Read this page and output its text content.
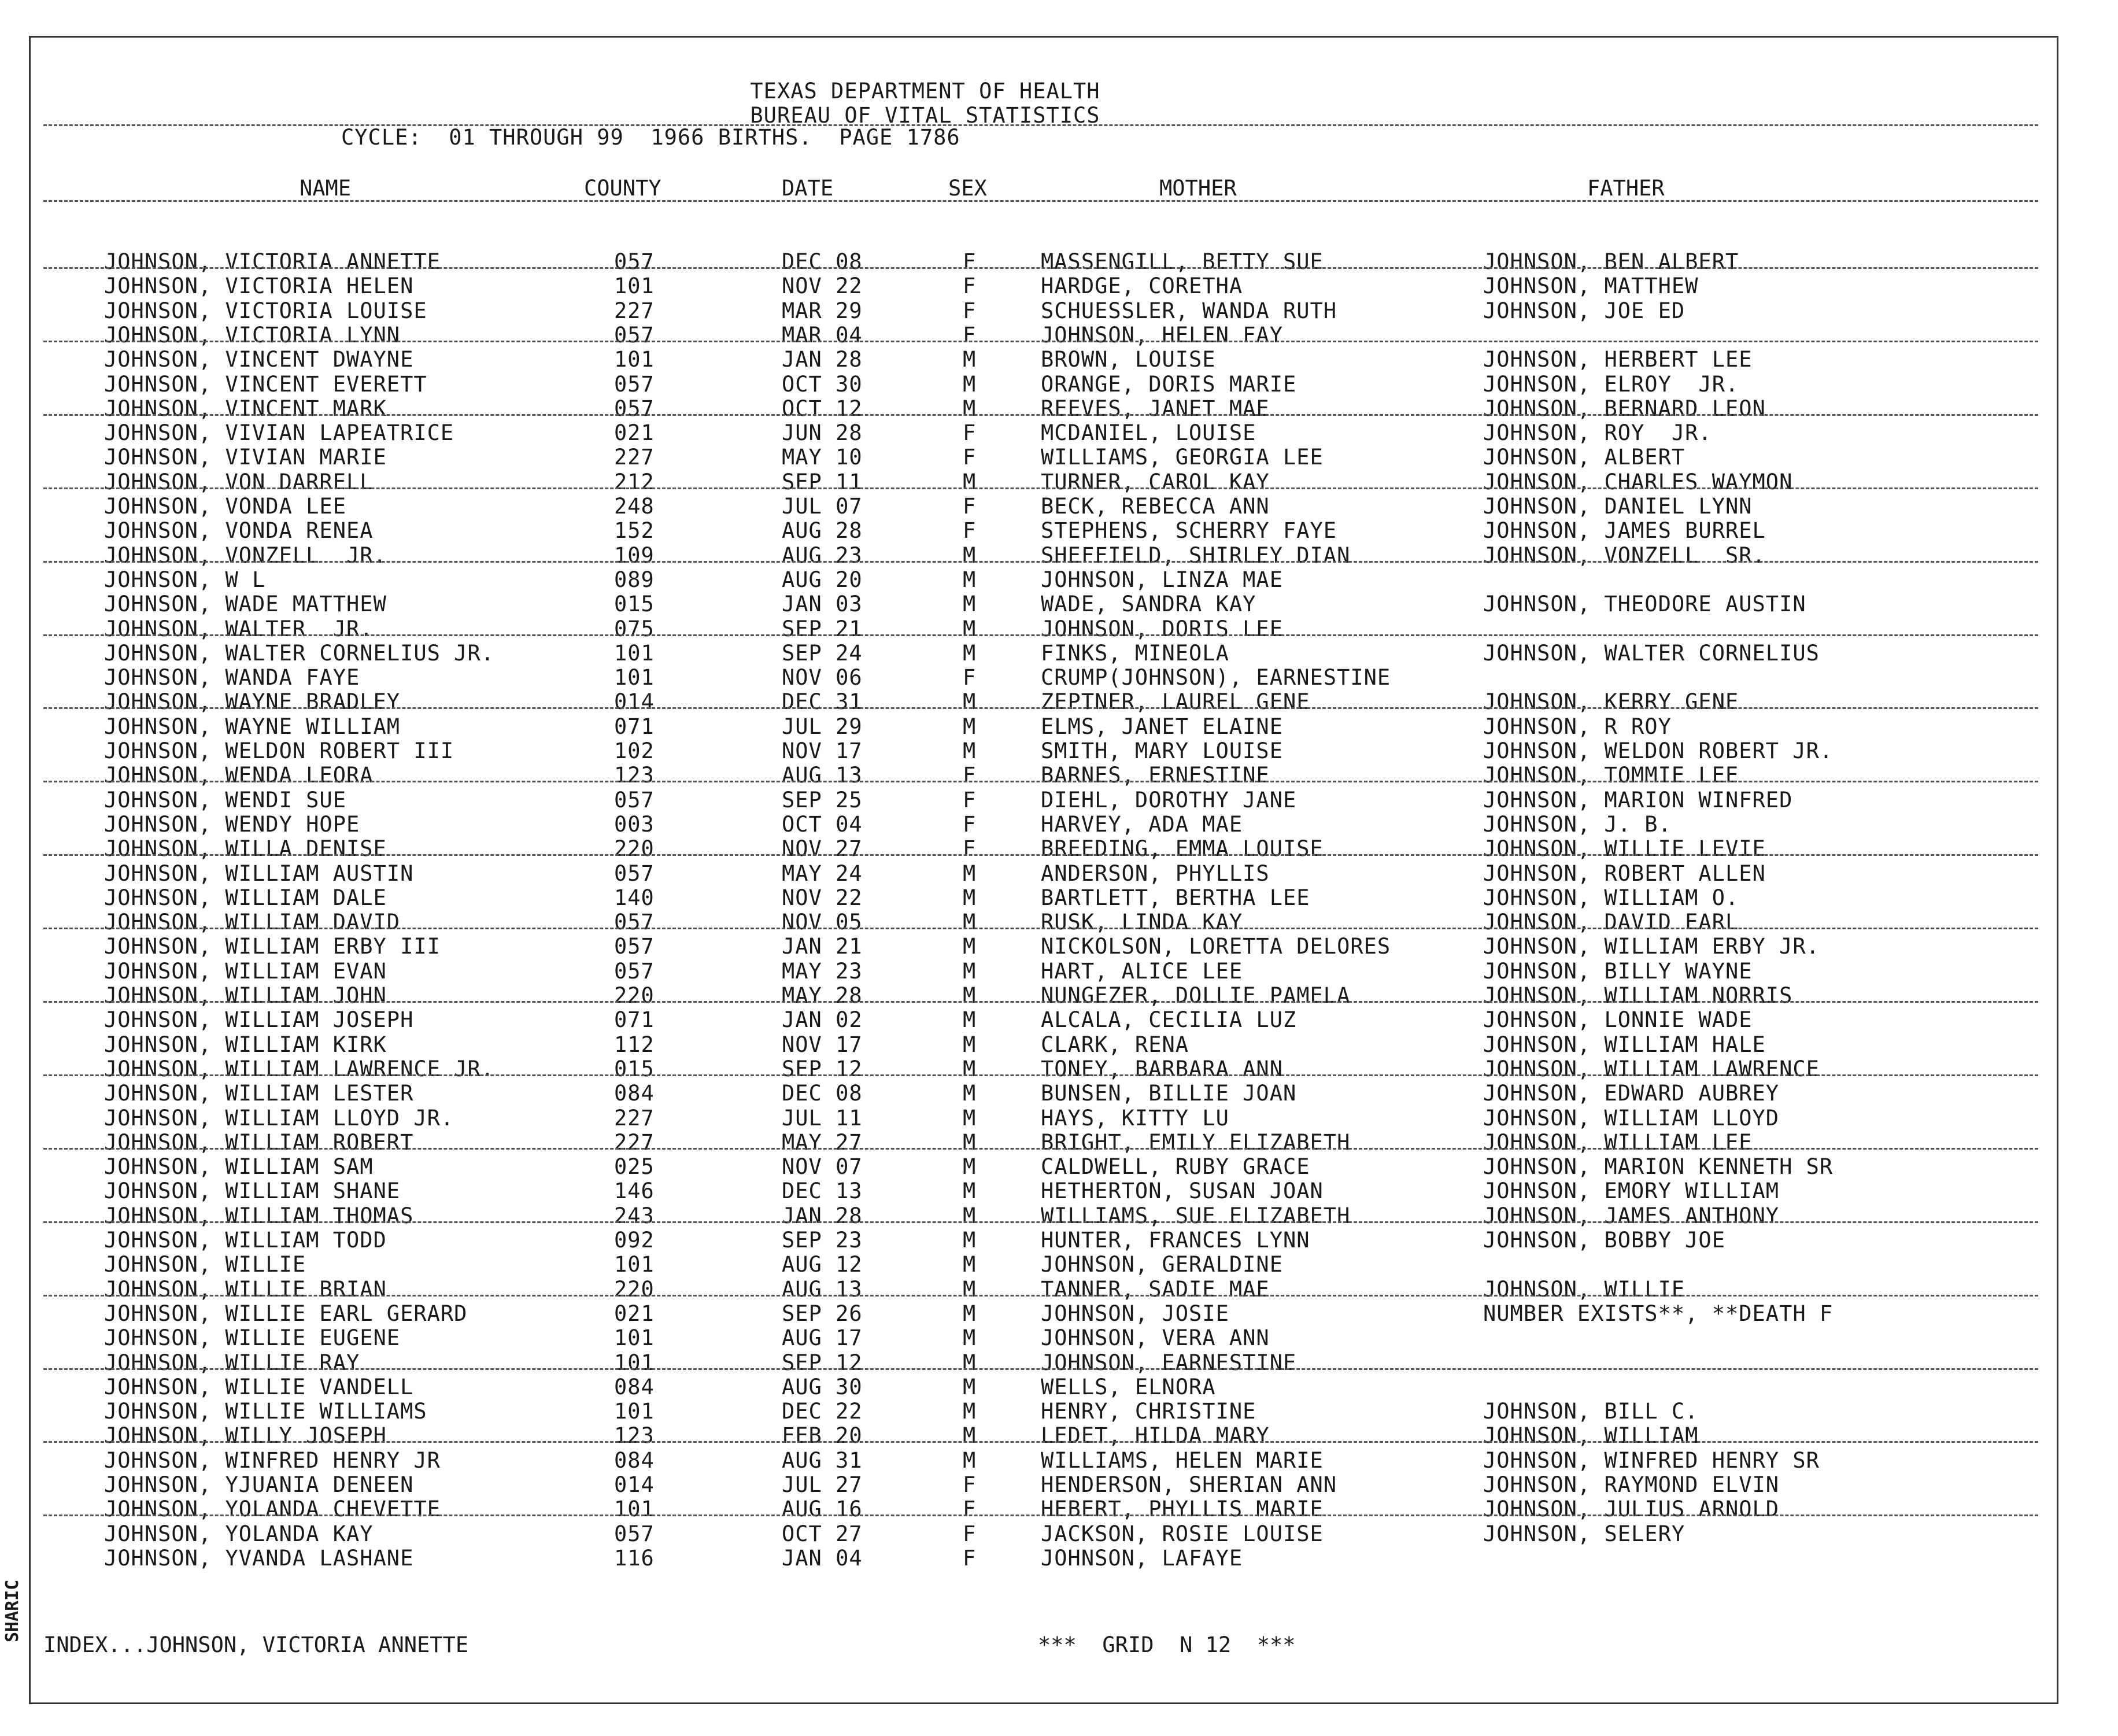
TEXAS DEPARTMENT OF HEALTH
BUREAU OF VITAL STATISTICS
CYCLE:  01 THROUGH 99  1966 BIRTHS.  PAGE 1786
NAME	COUNTY	DATE	SEX	MOTHER	FATHER
JOHNSON, VICTORIA ANNETTE	057	DEC 08	F	MASSENGILL, BETTY SUE	JOHNSON, BEN ALBERT
JOHNSON, VICTORIA HELEN	101	NOV 22	F	HARDGE, CORETHA	JOHNSON, MATTHEW
JOHNSON, VICTORIA LOUISE	227	MAR 29	F	SCHUESSLER, WANDA RUTH	JOHNSON, JOE ED
JOHNSON, VICTORIA LYNN	057	MAR 04	F	JOHNSON, HELEN FAY
JOHNSON, VINCENT DWAYNE	101	JAN 28	M	BROWN, LOUISE	JOHNSON, HERBERT LEE
JOHNSON, VINCENT EVERETT	057	OCT 30	M	ORANGE, DORIS MARIE	JOHNSON, ELROY  JR.
JOHNSON, VINCENT MARK	057	OCT 12	M	REEVES, JANET MAE	JOHNSON, BERNARD LEON
JOHNSON, VIVIAN LAPEATRICE	021	JUN 28	F	MCDANIEL, LOUISE	JOHNSON, ROY  JR.
JOHNSON, VIVIAN MARIE	227	MAY 10	F	WILLIAMS, GEORGIA LEE	JOHNSON, ALBERT
JOHNSON, VON DARRELL	212	SEP 11	M	TURNER, CAROL KAY	JOHNSON, CHARLES WAYMON
JOHNSON, VONDA LEE	248	JUL 07	F	BECK, REBECCA ANN	JOHNSON, DANIEL LYNN
JOHNSON, VONDA RENEA	152	AUG 28	F	STEPHENS, SCHERRY FAYE	JOHNSON, JAMES BURREL
JOHNSON, VONZELL  JR.	109	AUG 23	M	SHEFFIELD, SHIRLEY DIAN	JOHNSON, VONZELL  SR.
JOHNSON, W L	089	AUG 20	M	JOHNSON, LINZA MAE
JOHNSON, WADE MATTHEW	015	JAN 03	M	WADE, SANDRA KAY	JOHNSON, THEODORE AUSTIN
JOHNSON, WALTER  JR.	075	SEP 21	M	JOHNSON, DORIS LEE
JOHNSON, WALTER CORNELIUS JR.	101	SEP 24	M	FINKS, MINEOLA	JOHNSON, WALTER CORNELIUS
JOHNSON, WANDA FAYE	101	NOV 06	F	CRUMP(JOHNSON), EARNESTINE
JOHNSON, WAYNE BRADLEY	014	DEC 31	M	ZEPTNER, LAUREL GENE	JOHNSON, KERRY GENE
JOHNSON, WAYNE WILLIAM	071	JUL 29	M	ELMS, JANET ELAINE	JOHNSON, R ROY
JOHNSON, WELDON ROBERT III	102	NOV 17	M	SMITH, MARY LOUISE	JOHNSON, WELDON ROBERT JR.
JOHNSON, WENDA LEORA	123	AUG 13	F	BARNES, ERNESTINE	JOHNSON, TOMMIE LEE
JOHNSON, WENDI SUE	057	SEP 25	F	DIEHL, DOROTHY JANE	JOHNSON, MARION WINFRED
JOHNSON, WENDY HOPE	003	OCT 04	F	HARVEY, ADA MAE	JOHNSON, J. B.
JOHNSON, WILLA DENISE	220	NOV 27	F	BREEDING, EMMA LOUISE	JOHNSON, WILLIE LEVIE
JOHNSON, WILLIAM AUSTIN	057	MAY 24	M	ANDERSON, PHYLLIS	JOHNSON, ROBERT ALLEN
JOHNSON, WILLIAM DALE	140	NOV 22	M	BARTLETT, BERTHA LEE	JOHNSON, WILLIAM O.
JOHNSON, WILLIAM DAVID	057	NOV 05	M	RUSK, LINDA KAY	JOHNSON, DAVID EARL
JOHNSON, WILLIAM ERBY III	057	JAN 21	M	NICKOLSON, LORETTA DELORES	JOHNSON, WILLIAM ERBY JR.
JOHNSON, WILLIAM EVAN	057	MAY 23	M	HART, ALICE LEE	JOHNSON, BILLY WAYNE
JOHNSON, WILLIAM JOHN	220	MAY 28	M	NUNGEZER, DOLLIE PAMELA	JOHNSON, WILLIAM NORRIS
JOHNSON, WILLIAM JOSEPH	071	JAN 02	M	ALCALA, CECILIA LUZ	JOHNSON, LONNIE WADE
JOHNSON, WILLIAM KIRK	112	NOV 17	M	CLARK, RENA	JOHNSON, WILLIAM HALE
JOHNSON, WILLIAM LAWRENCE JR.	015	SEP 12	M	TONEY, BARBARA ANN	JOHNSON, WILLIAM LAWRENCE
JOHNSON, WILLIAM LESTER	084	DEC 08	M	BUNSEN, BILLIE JOAN	JOHNSON, EDWARD AUBREY
JOHNSON, WILLIAM LLOYD JR.	227	JUL 11	M	HAYS, KITTY LU	JOHNSON, WILLIAM LLOYD
JOHNSON, WILLIAM ROBERT	227	MAY 27	M	BRIGHT, EMILY ELIZABETH	JOHNSON, WILLIAM LEE
JOHNSON, WILLIAM SAM	025	NOV 07	M	CALDWELL, RUBY GRACE	JOHNSON, MARION KENNETH SR
JOHNSON, WILLIAM SHANE	146	DEC 13	M	HETHERTON, SUSAN JOAN	JOHNSON, EMORY WILLIAM
JOHNSON, WILLIAM THOMAS	243	JAN 28	M	WILLIAMS, SUE ELIZABETH	JOHNSON, JAMES ANTHONY
JOHNSON, WILLIAM TODD	092	SEP 23	M	HUNTER, FRANCES LYNN	JOHNSON, BOBBY JOE
JOHNSON, WILLIE	101	AUG 12	M	JOHNSON, GERALDINE
JOHNSON, WILLIE BRIAN	220	AUG 13	M	TANNER, SADIE MAE	JOHNSON, WILLIE
JOHNSON, WILLIE EARL GERARD	021	SEP 26	M	JOHNSON, JOSIE	NUMBER EXISTS**, **DEATH F
JOHNSON, WILLIE EUGENE	101	AUG 17	M	JOHNSON, VERA ANN
JOHNSON, WILLIE RAY	101	SEP 12	M	JOHNSON, EARNESTINE
JOHNSON, WILLIE VANDELL	084	AUG 30	M	WELLS, ELNORA
JOHNSON, WILLIE WILLIAMS	101	DEC 22	M	HENRY, CHRISTINE	JOHNSON, BILL C.
JOHNSON, WILLY JOSEPH	123	FEB 20	M	LEDET, HILDA MARY	JOHNSON, WILLIAM
JOHNSON, WINFRED HENRY JR	084	AUG 31	M	WILLIAMS, HELEN MARIE	JOHNSON, WINFRED HENRY SR
JOHNSON, YJUANIA DENEEN	014	JUL 27	F	HENDERSON, SHERIAN ANN	JOHNSON, RAYMOND ELVIN
JOHNSON, YOLANDA CHEVETTE	101	AUG 16	F	HEBERT, PHYLLIS MARIE	JOHNSON, JULIUS ARNOLD
JOHNSON, YOLANDA KAY	057	OCT 27	F	JACKSON, ROSIE LOUISE	JOHNSON, SELERY
JOHNSON, YVANDA LASHANE	116	JAN 04	F	JOHNSON, LAFAYE
INDEX...JOHNSON, VICTORIA ANNETTE	***  GRID  N 12  ***
SHARIC
